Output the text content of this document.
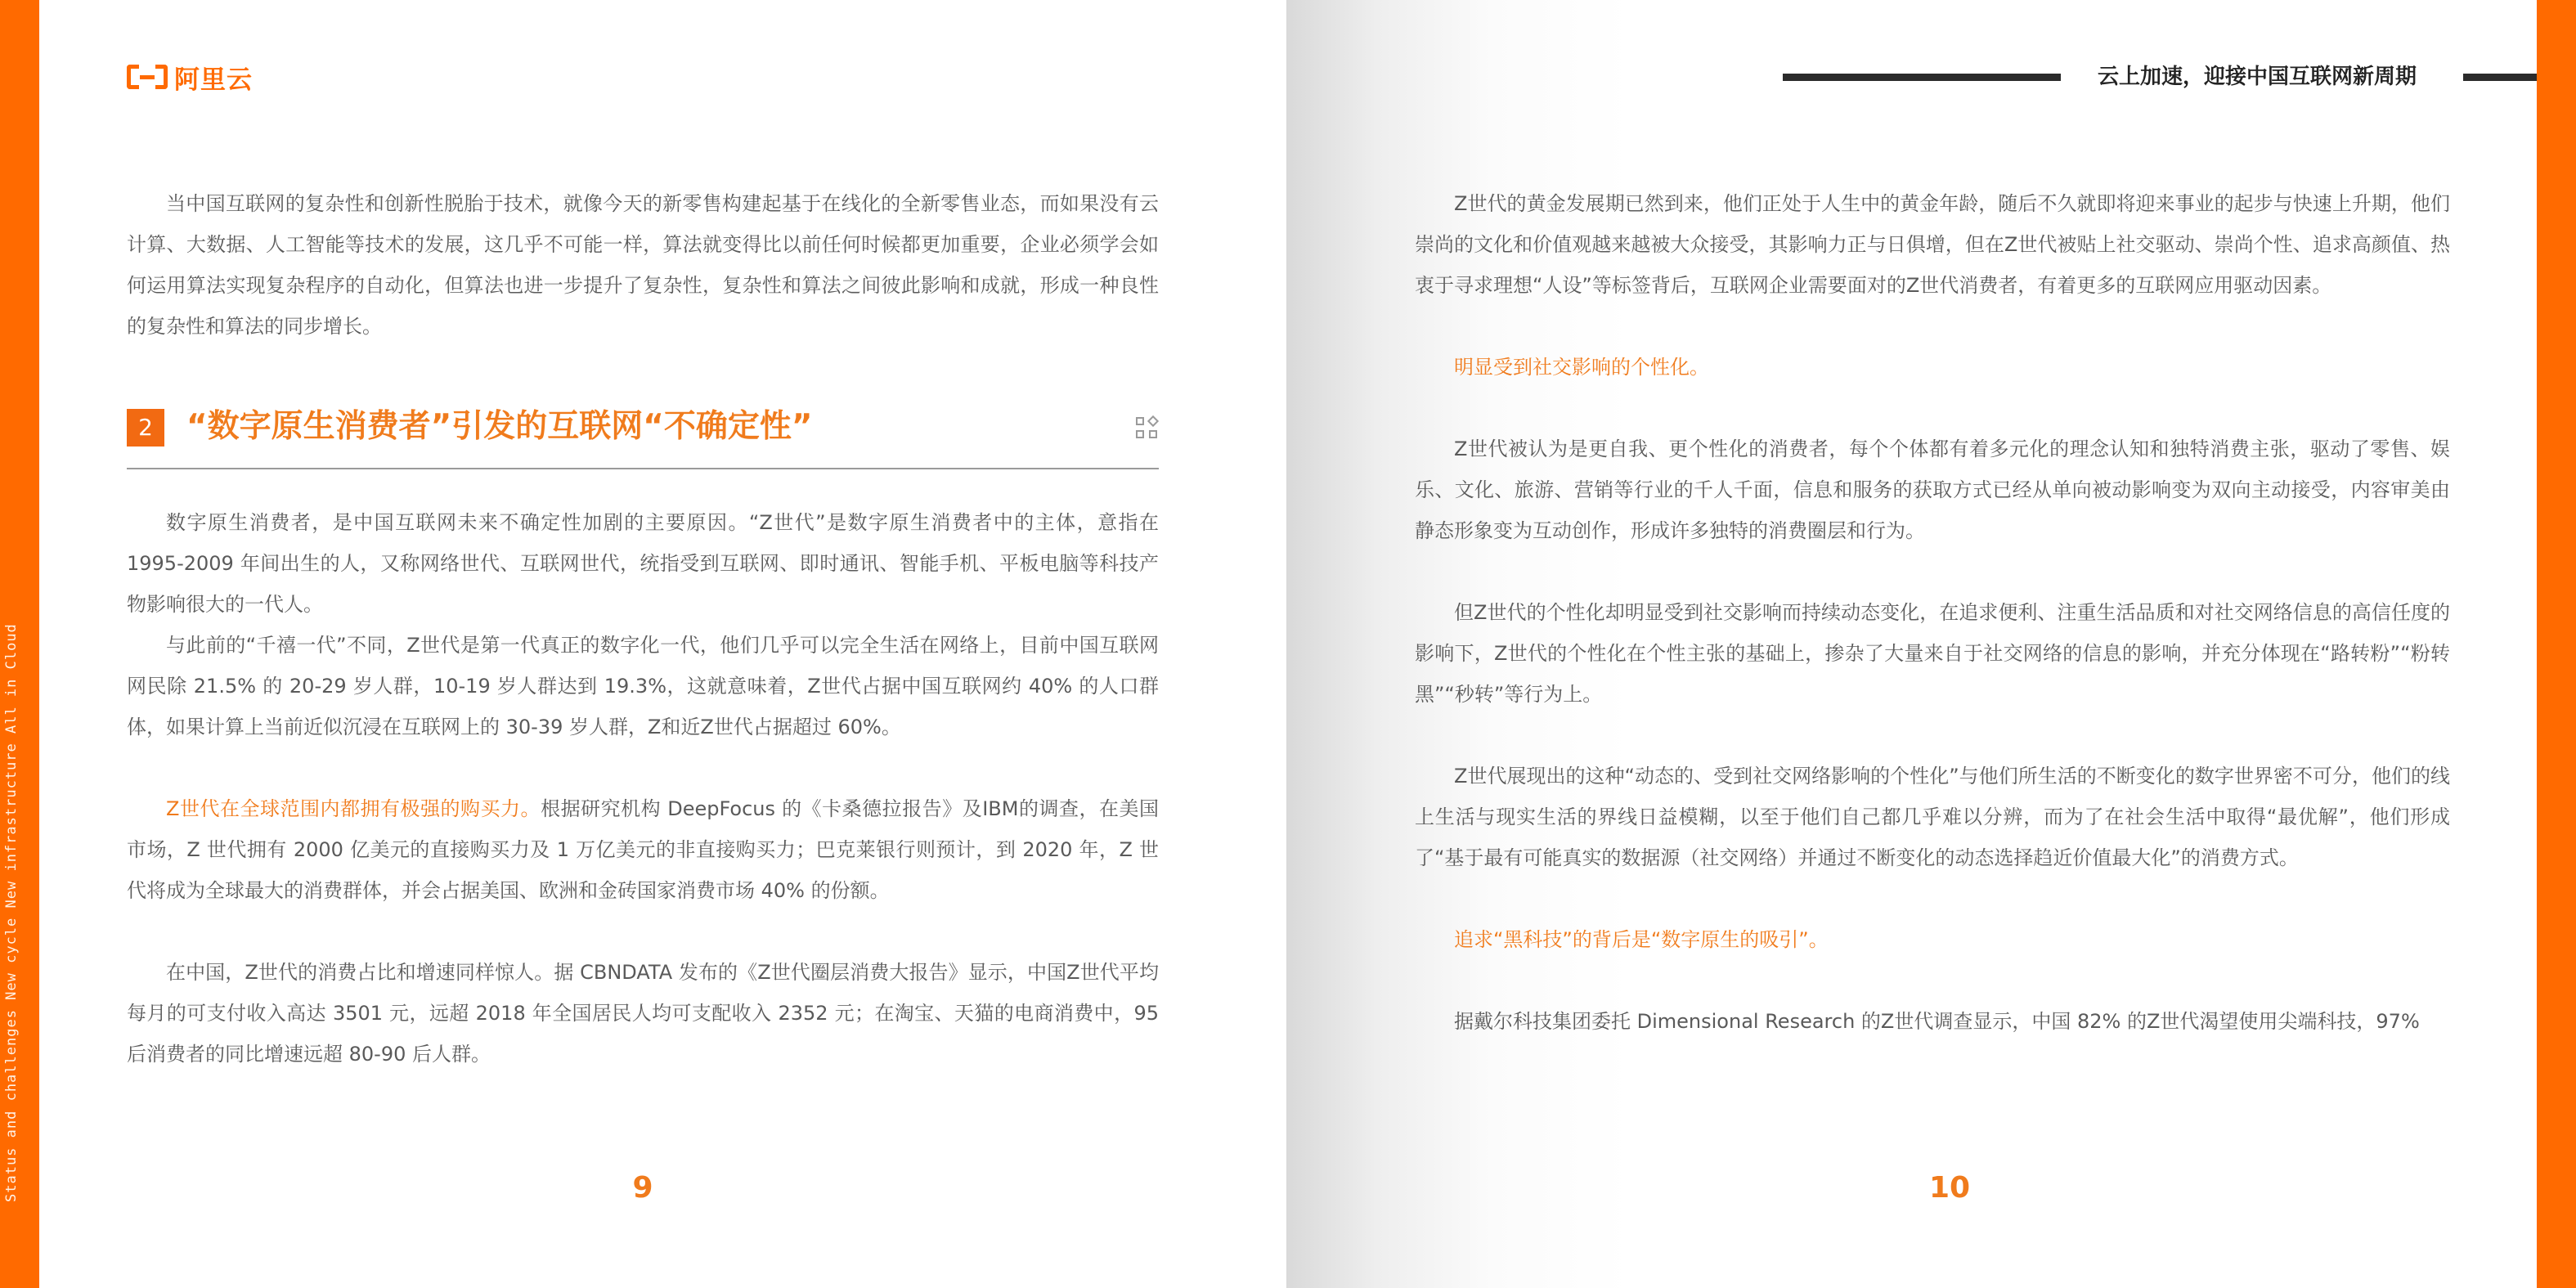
Status and challenges New cycle New infrastructure All in Cloud
阿里云	云上加速，迎接中国互联网新周期

当中国互联网的复杂性和创新性脱胎于技术，就像今天的新零售构建起基于在线化的全新零售业态，而如果没有云计算、大数据、人工智能等技术的发展，这几乎不可能一样，算法就变得比以前任何时候都更加重要，企业必须学会如何运用算法实现复杂程序的自动化，但算法也进一步提升了复杂性，复杂性和算法之间彼此影响和成就，形成一种良性的复杂性和算法的同步增长。

2	“数字原生消费者”引发的互联网“不确定性”

数字原生消费者，是中国互联网未来不确定性加剧的主要原因。“Z世代”是数字原生消费者中的主体，意指在 1995-2009 年间出生的人，又称网络世代、互联网世代，统指受到互联网、即时通讯、智能手机、平板电脑等科技产物影响很大的一代人。

与此前的“千禧一代”不同，Z世代是第一代真正的数字化一代，他们几乎可以完全生活在网络上，目前中国互联网网民除 21.5% 的 20-29 岁人群，10-19 岁人群达到 19.3%，这就意味着，Z世代占据中国互联网约 40% 的人口群体，如果计算上当前近似沉浸在互联网上的 30-39 岁人群，Z和近Z世代占据超过 60%。

Z世代在全球范围内都拥有极强的购买力。根据研究机构 DeepFocus 的《卡桑德拉报告》及IBM的调查，在美国市场，Z 世代拥有 2000 亿美元的直接购买力及 1 万亿美元的非直接购买力；巴克莱银行则预计，到 2020 年，Z 世代将成为全球最大的消费群体，并会占据美国、欧洲和金砖国家消费市场 40% 的份额。

在中国，Z世代的消费占比和增速同样惊人。据 CBNDATA 发布的《Z世代圈层消费大报告》显示，中国Z世代平均每月的可支付收入高达 3501 元，远超 2018 年全国居民人均可支配收入 2352 元；在淘宝、天猫的电商消费中，95 后消费者的同比增速远超 80-90 后人群。

9

Z世代的黄金发展期已然到来，他们正处于人生中的黄金年龄，随后不久就即将迎来事业的起步与快速上升期，他们崇尚的文化和价值观越来越被大众接受，其影响力正与日俱增，但在Z世代被贴上社交驱动、崇尚个性、追求高颜值、热衷于寻求理想“人设”等标签背后，互联网企业需要面对的Z世代消费者，有着更多的互联网应用驱动因素。

明显受到社交影响的个性化。

Z世代被认为是更自我、更个性化的消费者，每个个体都有着多元化的理念认知和独特消费主张，驱动了零售、娱乐、文化、旅游、营销等行业的千人千面，信息和服务的获取方式已经从单向被动影响变为双向主动接受，内容审美由静态形象变为互动创作，形成许多独特的消费圈层和行为。

但Z世代的个性化却明显受到社交影响而持续动态变化，在追求便利、注重生活品质和对社交网络信息的高信任度的影响下，Z世代的个性化在个性主张的基础上，掺杂了大量来自于社交网络的信息的影响，并充分体现在“路转粉”“粉转黑”“秒转”等行为上。

Z世代展现出的这种“动态的、受到社交网络影响的个性化”与他们所生活的不断变化的数字世界密不可分，他们的线上生活与现实生活的界线日益模糊，以至于他们自己都几乎难以分辨，而为了在社会生活中取得“最优解”，他们形成了“基于最有可能真实的数据源（社交网络）并通过不断变化的动态选择趋近价值最大化”的消费方式。

追求“黑科技”的背后是“数字原生的吸引”。

据戴尔科技集团委托 Dimensional Research 的Z世代调查显示，中国 82% 的Z世代渴望使用尖端科技，97%

10
